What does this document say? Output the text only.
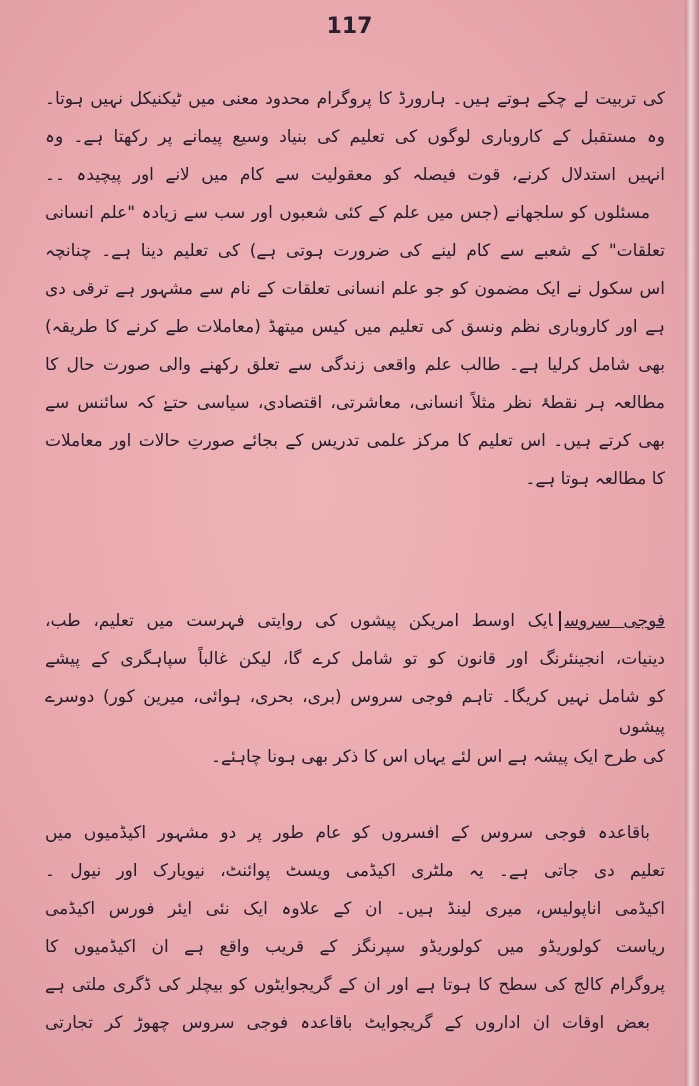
117
کی تربیت لے چکے ہوتے ہیں۔ ہارورڈ کا پروگرام محدود معنی میں ٹیکنیکل نہیں ہوتا۔
وہ مستقبل کے کاروباری لوگوں کی تعلیم کی بنیاد وسیع پیمانے پر رکھتا ہے۔ وہ
انہیں استدلال کرنے، قوت فیصلہ کو معقولیت سے کام میں لانے اور پیچیدہ ۔۔
مسئلوں کو سلجھانے (جس میں علم کے کئی شعبوں اور سب سے زیادہ "علم انسانی
تعلقات" کے شعبے سے کام لینے کی ضرورت ہوتی ہے) کی تعلیم دینا ہے۔ چنانچہ
اس سکول نے ایک مضمون کو جو علم انسانی تعلقات کے نام سے مشہور ہے ترقی دی
ہے اور کاروباری نظم ونسق کی تعلیم میں کیس میتھڈ (معاملات طے کرنے کا طریقہ)
بھی شامل کرلیا ہے۔ طالب علم واقعی زندگی سے تعلق رکھنے والی صورت حال کا
مطالعہ ہر نقطۂ نظر مثلاً انسانی، معاشرتی، اقتصادی، سیاسی حتےٰ کہ سائنس سے
بھی کرتے ہیں۔ اس تعلیم کا مرکز علمی تدریس کے بجائے صورتِ حالات اور معاملات
کا مطالعہ ہوتا ہے۔
فوجی سروسایک اوسط امریکن پیشوں کی روایتی فہرست میں تعلیم، طب،
دینیات، انجینئرنگ اور قانون کو تو شامل کرے گا، لیکن غالباً سپاہگری کے پیشے
کو شامل نہیں کریگا۔ تاہم فوجی سروس (بری، بحری، ہوائی، میرین کور) دوسرے پیشوں
کی طرح ایک پیشہ ہے اس لئے یہاں اس کا ذکر بھی ہونا چاہئے۔
باقاعدہ فوجی سروس کے افسروں کو عام طور پر دو مشہور اکیڈمیوں میں
تعلیم دی جاتی ہے۔ یہ ملٹری اکیڈمی ویسٹ پوائنٹ، نیویارک اور نیول ۔
اکیڈمی اناپولیس، میری لینڈ ہیں۔ ان کے علاوہ ایک نئی ایئر فورس اکیڈمی
ریاست کولوریڈو میں کولوریڈو سپرنگز کے قریب واقع ہے ان اکیڈمیوں کا
پروگرام کالج کی سطح کا ہوتا ہے اور ان کے گریجوایٹوں کو بیچلر کی ڈگری ملتی ہے
بعض اوقات ان اداروں کے گریجوایٹ باقاعدہ فوجی سروس چھوڑ کر تجارتی
